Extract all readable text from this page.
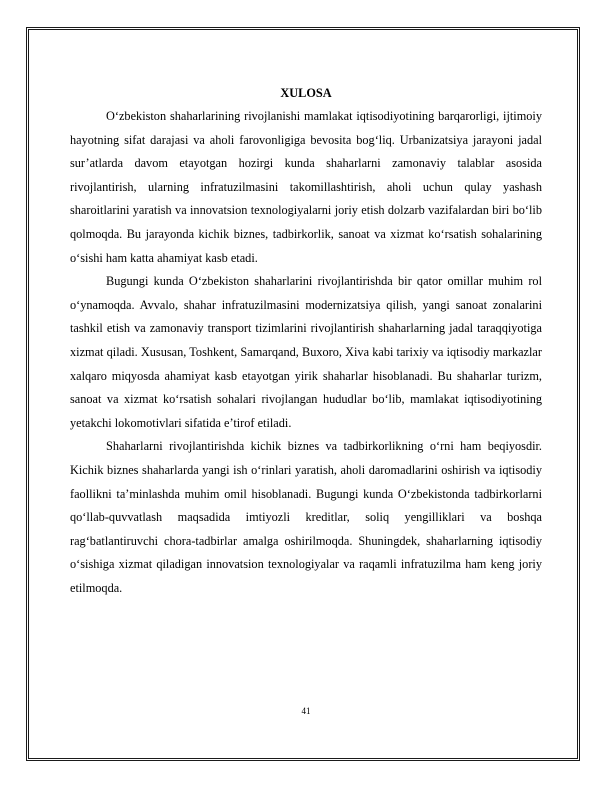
XULOSA

O‘zbekiston shaharlarining rivojlanishi mamlakat iqtisodiyotining barqarorligi, ijtimoiy hayotning sifat darajasi va aholi farovonligiga bevosita bog‘liq. Urbanizatsiya jarayoni jadal sur’atlarda davom etayotgan hozirgi kunda shaharlarni zamonaviy talablar asosida rivojlantirish, ularning infratuzilmasini takomillashtirish, aholi uchun qulay yashash sharoitlarini yaratish va innovatsion texnologiyalarni joriy etish dolzarb vazifalardan biri bo‘lib qolmoqda. Bu jarayonda kichik biznes, tadbirkorlik, sanoat va xizmat ko‘rsatish sohalarining o‘sishi ham katta ahamiyat kasb etadi.

Bugungi kunda O‘zbekiston shaharlarini rivojlantirishda bir qator omillar muhim rol o‘ynamoqda. Avvalo, shahar infratuzilmasini modernizatsiya qilish, yangi sanoat zonalarini tashkil etish va zamonaviy transport tizimlarini rivojlantirish shaharlarning jadal taraqqiyotiga xizmat qiladi. Xususan, Toshkent, Samarqand, Buxoro, Xiva kabi tarixiy va iqtisodiy markazlar xalqaro miqyosda ahamiyat kasb etayotgan yirik shaharlar hisoblanadi. Bu shaharlar turizm, sanoat va xizmat ko‘rsatish sohalari rivojlangan hududlar bo‘lib, mamlakat iqtisodiyotining yetakchi lokomotivlari sifatida e’tirof etiladi.

Shaharlarni rivojlantirishda kichik biznes va tadbirkorlikning o‘rni ham beqiyosdir. Kichik biznes shaharlarda yangi ish o‘rinlari yaratish, aholi daromadlarini oshirish va iqtisodiy faollikni ta’minlashda muhim omil hisoblanadi. Bugungi kunda O‘zbekistonda tadbirkorlarni qo‘llab-quvvatlash maqsadida imtiyozli kreditlar, soliq yengilliklari va boshqa rag‘batlantiruvchi chora-tadbirlar amalga oshirilmoqda. Shuningdek, shaharlarning iqtisodiy o‘sishiga xizmat qiladigan innovatsion texnologiyalar va raqamli infratuzilma ham keng joriy etilmoqda.

41
